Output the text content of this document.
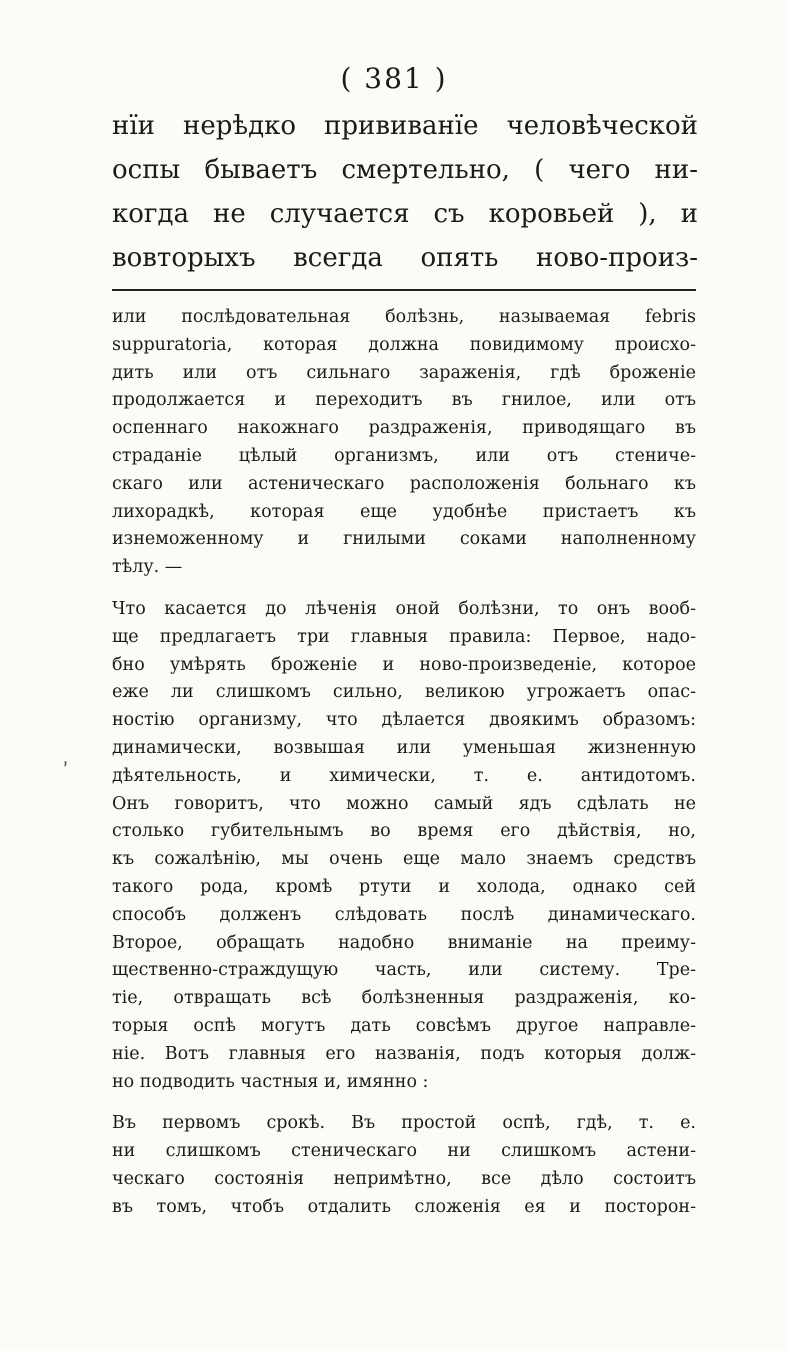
( 381 )
нїи нерѣдко прививанїе человѣческой
оспы бываетъ смертельно, ( чего ни-
когда не случается съ коровьей ), и
вовторыхъ всегда опять ново-произ-
или послѣдовательная болѣзнь, называемая febris
suppuratoria, которая должна повидимому происхо-
дить или отъ сильнаго зараженія, гдѣ броженіе
продолжается и переходитъ въ гнилое, или отъ
оспеннаго накожнаго раздраженія, приводящаго въ
страданіе цѣлый организмъ, или отъ стениче-
скаго или астеническаго расположенія больнаго къ
лихорадкѣ, которая еще удобнѣе пристаетъ къ
изнеможенному и гнилыми соками наполненному
тѣлу. —
Что касается до лѣченія оной болѣзни, то онъ вооб-
ще предлагаетъ три главныя правила: Первое, надо-
бно умѣрять броженіе и ново-произведеніе, которое
еже ли слишкомъ сильно, великою угрожаетъ опас-
ностію организму, что дѣлается двоякимъ образомъ:
динамически, возвышая или уменьшая жизненную
дѣятельность, и химически, т. е. антидотомъ.
Онъ говоритъ, что можно самый ядъ сдѣлать не
столько губительнымъ во время его дѣйствія, но,
къ сожалѣнію, мы очень еще мало знаемъ средствъ
такого рода, кромѣ ртути и холода, однако сей
способъ долженъ слѣдовать послѣ динамическаго.
Второе, обращать надобно вниманіе на преиму-
щественно-страждущую часть, или систему. Тре-
тіе, отвращать всѣ болѣзненныя раздраженія, ко-
торыя оспѣ могутъ дать совсѣмъ другое направле-
ніе. Вотъ главныя его названія, подъ которыя долж-
но подводить частныя и, имянно :
Въ первомъ срокѣ. Въ простой оспѣ, гдѣ, т. е.
ни слишкомъ стеническаго ни слишкомъ астени-
ческаго состоянія непримѣтно, все дѣло состоитъ
въ томъ, чтобъ отдалить сложенія ея и посторон-
‚
